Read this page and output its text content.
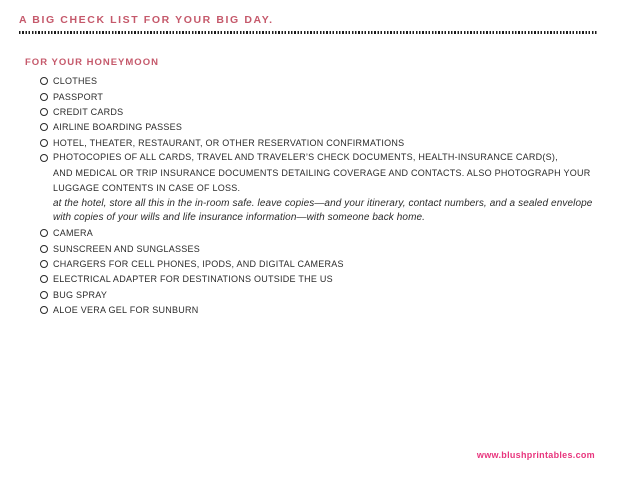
A BIG CHECK LIST FOR YOUR BIG DAY.
FOR YOUR HONEYMOON
CLOTHES
PASSPORT
CREDIT CARDS
AIRLINE BOARDING PASSES
HOTEL, THEATER, RESTAURANT, OR OTHER RESERVATION CONFIRMATIONS
PHOTOCOPIES OF ALL CARDS, TRAVEL AND TRAVELER’S CHECK DOCUMENTS, HEALTH-INSURANCE CARD(S),
AND MEDICAL OR TRIP INSURANCE DOCUMENTS DETAILING COVERAGE AND CONTACTS. ALSO PHOTOGRAPH YOUR
LUGGAGE CONTENTS IN CASE OF LOSS.
at the hotel, store all this in the in-room safe. leave copies—and your itinerary, contact numbers, and a sealed envelope
with copies of your wills and life insurance information—with someone back home.
CAMERA
SUNSCREEN AND SUNGLASSES
CHARGERS FOR CELL PHONES, IPODS, AND DIGITAL CAMERAS
ELECTRICAL ADAPTER FOR DESTINATIONS OUTSIDE THE US
BUG SPRAY
ALOE VERA GEL FOR SUNBURN
www.blushprintables.com
